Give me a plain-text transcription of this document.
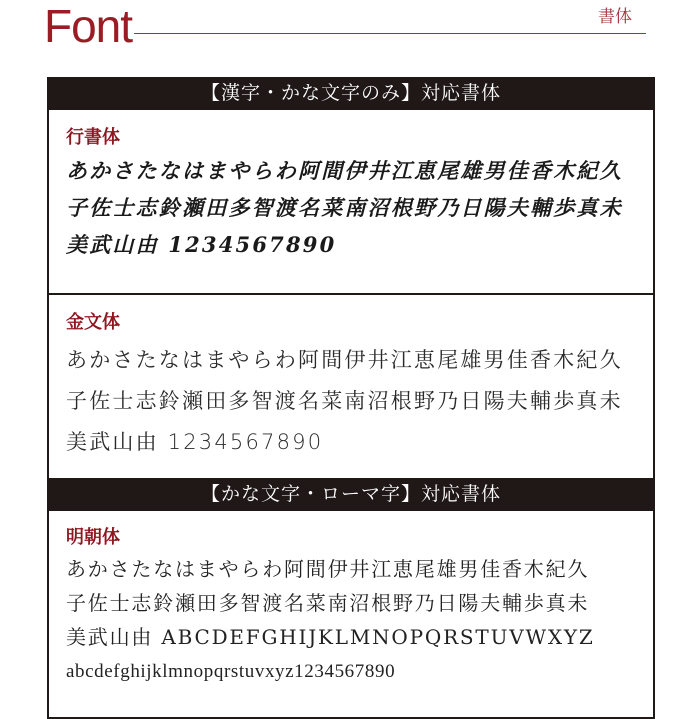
Font	書体
【漢字・かな文字のみ】対応書体
行書体
あかさたなはまやらわ阿間伊井江恵尾雄男佳香木紀久
子佐士志鈴瀬田多智渡名菜南沼根野乃日陽夫輔歩真未
美武山由 1234567890
金文体
あかさたなはまやらわ阿間伊井江恵尾雄男佳香木紀久
子佐士志鈴瀬田多智渡名菜南沼根野乃日陽夫輔歩真未
美武山由 1234567890
【かな文字・ローマ字】対応書体
明朝体
あかさたなはまやらわ阿間伊井江恵尾雄男佳香木紀久
子佐士志鈴瀬田多智渡名菜南沼根野乃日陽夫輔歩真未
美武山由 ABCDEFGHIJKLMNOPQRSTUVWXYZ
abcdefghijklmnopqrstuvxyz1234567890
